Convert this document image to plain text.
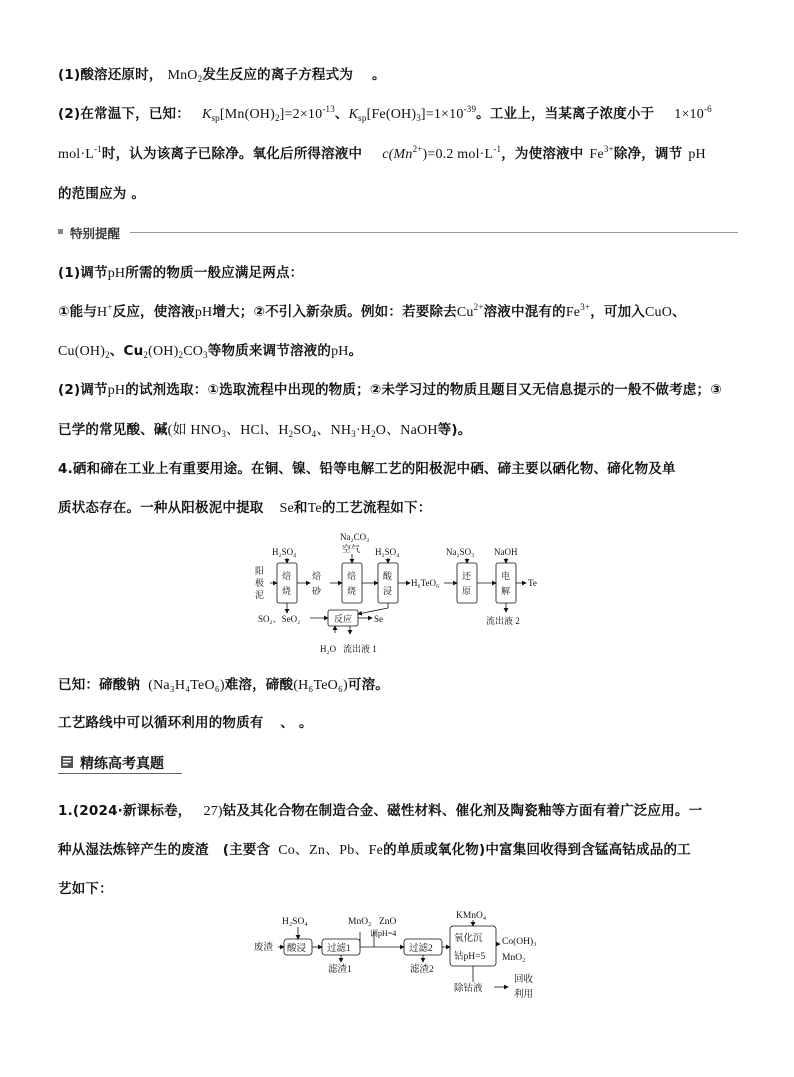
(1)酸溶还原时， MnO$_2$发生反应的离子方程式为 。
(2)在常温下，已知： $K_{sp}[Mn(OH)_2]=2\times 10^{-13}$、$K_{sp}[Fe(OH)_3]=1\times 10^{-39}$。工业上，当某离子浓度小于 $1\times 10^{-6}$
$mol\cdot L^{-1}$时，认为该离子已除净。氧化后所得溶液中 $c(Mn^{2+})=0.2$ $mol\cdot L^{-1}$，为使溶液中 $Fe^{3+}$除净，调节 pH
的范围应为 。
特别提醒
(1)调节pH所需的物质一般应满足两点：
①能与H+反应，使溶液pH增大；②不引入新杂质。例如：若要除去$Cu^{2+}$溶液中混有的$Fe^{3+}$，可加入CuO、
$Cu(OH)_2$、$Cu_2(OH)_2CO_3$等物质来调节溶液的pH。
(2)调节pH的试剂选取：①选取流程中出现的物质；②未学习过的物质且题目又无信息提示的一般不做考虑；③
已学的常见酸、碱(如 $HNO_3$、HCl、$H_2SO_4$、$NH_3\cdot H_2O$、NaOH等)。
4.硒和碲在工业上有重要用途。在铜、镍、铅等电解工艺的阳极泥中硒、碲主要以硒化物、碲化物及单
质状态存在。一种从阳极泥中提取 Se和Te的工艺流程如下：
阳
极
泥
H₂SO₄
焙
烧
焙
砂
Na₂CO₃
空气
焙
烧
H₂SO₄
酸
浸
H₆TeO₆
Na₂SO₃
还
原
NaOH
电
解
Te
SO₂、SeO₂	反应 Se
H₂O 流出液 1
流出液 2
已知：碲酸钠 (Na₃H₄TeO₆)难溶，碲酸(H₆TeO₆)可溶。
工艺路线中可以循环利用的物质有 、 。
精练高考真题
1.(2024·新课标卷， 27)钴及其化合物在制造合金、磁性材料、催化剂及陶瓷釉等方面有着广泛应用。一
种从湿法炼锌产生的废渣 (主要含 Co、Zn、Pb、Fe的单质或氧化物)中富集回收得到含锰高钴成品的工
艺如下：
废渣
H₂SO₄
酸浸 过滤1
滤渣1
MnO₂ ZnO
调pH=4
过滤2
滤渣2
KMnO₄
氧化沉
钴pH=5
Co(OH)₃
MnO₂
除钴液
回收
利用
